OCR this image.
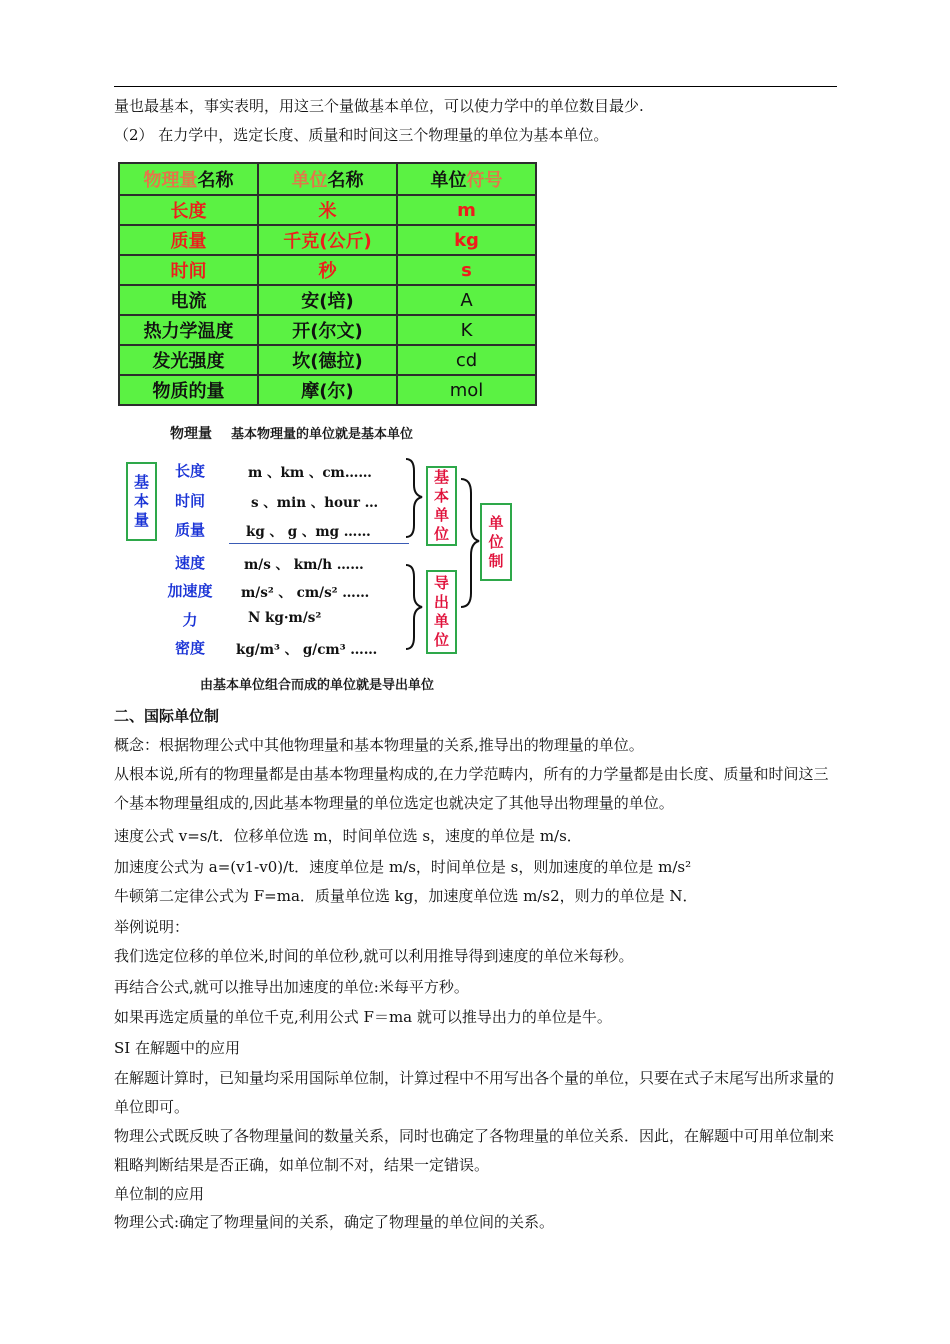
量也最基本，事实表明，用这三个量做基本单位，可以使力学中的单位数目最少.
（2） 在力学中，选定长度、质量和时间这三个物理量的单位为基本单位。
物理量名称	单位名称	单位符号
长度	米	m
质量	千克(公斤)	kg
时间	秒	s
电流	安(培)	A
热力学温度	开(尔文)	K
发光强度	坎(德拉)	cd
物质的量	摩(尔)	mol
物理量 基本物理量的单位就是基本单位
基
本
量
长度
时间
质量
m 、km 、cm……
s 、min 、hour …
kg 、 g 、mg ……
速度
加速度
力
密度
m/s 、 km/h ……
m/s² 、 cm/s² ……
N kg·m/s²
kg/m³ 、 g/cm³ ……
基
本
单
位
导
出
单
位
单
位
制
由基本单位组合而成的单位就是导出单位
二、国际单位制
概念：根据物理公式中其他物理量和基本物理量的关系,推导出的物理量的单位。
从根本说,所有的物理量都是由基本物理量构成的,在力学范畴内，所有的力学量都是由长度、质量和时间这三个基本物理量组成的,因此基本物理量的单位选定也就决定了其他导出物理量的单位。
速度公式 v=s/t．位移单位选 m，时间单位选 s，速度的单位是 m/s．
加速度公式为 a=(v1-v0)/t．速度单位是 m/s，时间单位是 s，则加速度的单位是 m/s²
牛顿第二定律公式为 F=ma．质量单位选 kg，加速度单位选 m/s2，则力的单位是 N．
举例说明：
我们选定位移的单位米,时间的单位秒,就可以利用推导得到速度的单位米每秒。
再结合公式,就可以推导出加速度的单位:米每平方秒。
如果再选定质量的单位千克,利用公式 F＝ma 就可以推导出力的单位是牛。
SI 在解题中的应用
在解题计算时，已知量均采用国际单位制，计算过程中不用写出各个量的单位，只要在式子末尾写出所求量的单位即可。
物理公式既反映了各物理量间的数量关系，同时也确定了各物理量的单位关系．因此，在解题中可用单位制来粗略判断结果是否正确，如单位制不对，结果一定错误。
单位制的应用
物理公式:确定了物理量间的关系，确定了物理量的单位间的关系。
